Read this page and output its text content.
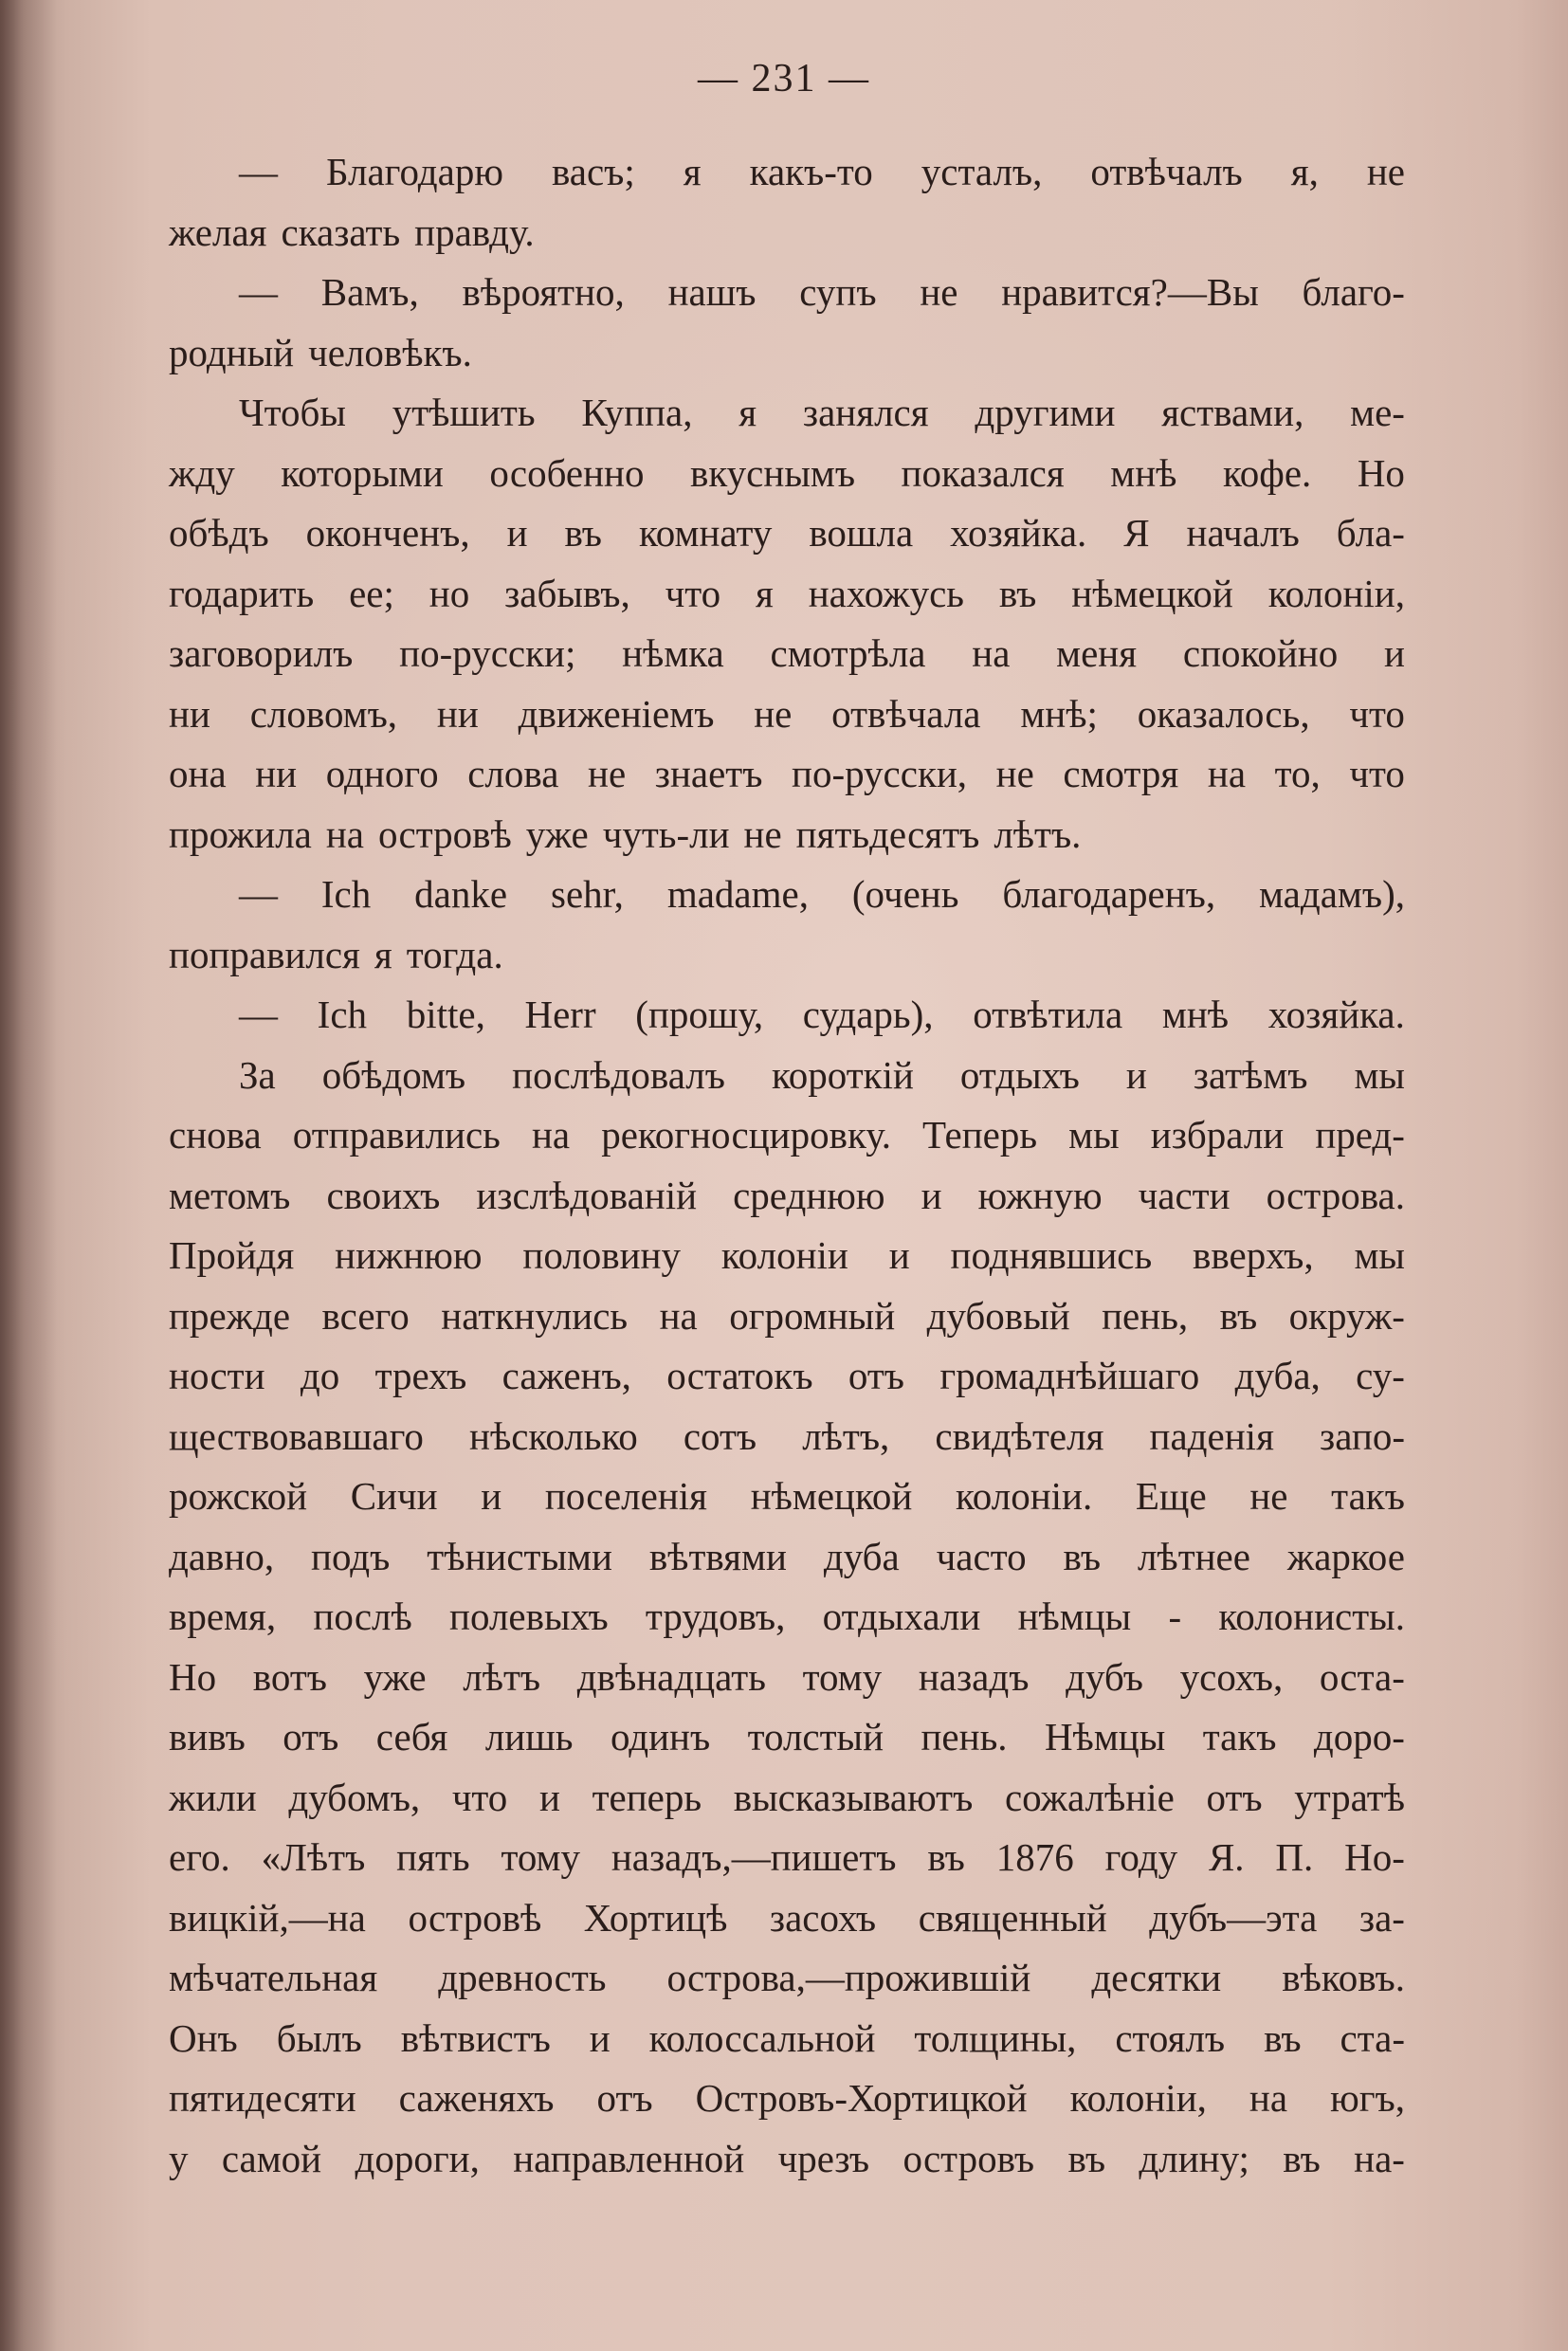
— 231 —
— Благодарю васъ; я какъ-то усталъ, отвѣчалъ я, не
желая сказать правду.
— Вамъ, вѣроятно, нашъ супъ не нравится?—Вы благо-
родный человѣкъ.
Чтобы утѣшить Куппа, я занялся другими яствами, ме-
жду которыми особенно вкуснымъ показался мнѣ кофе. Но
обѣдъ оконченъ, и въ комнату вошла хозяйка. Я началъ бла-
годарить ее; но забывъ, что я нахожусь въ нѣмецкой колоніи,
заговорилъ по-русски; нѣмка смотрѣла на меня спокойно и
ни словомъ, ни движеніемъ не отвѣчала мнѣ; оказалось, что
она ни одного слова не знаетъ по-русски, не смотря на то, что
прожила на островѣ уже чуть-ли не пятьдесятъ лѣтъ.
— Ich danke sehr, madame, (очень благодаренъ, мадамъ),
поправился я тогда.
— Ich bitte, Herr (прошу, сударь), отвѣтила мнѣ хозяйка.
За обѣдомъ послѣдовалъ короткій отдыхъ и затѣмъ мы
снова отправились на рекогносцировку. Теперь мы избрали пред-
метомъ своихъ изслѣдованій среднюю и южную части острова.
Пройдя нижнюю половину колоніи и поднявшись вверхъ, мы
прежде всего наткнулись на огромный дубовый пень, въ окруж-
ности до трехъ саженъ, остатокъ отъ громаднѣйшаго дуба, су-
ществовавшаго нѣсколько сотъ лѣтъ, свидѣтеля паденія запо-
рожской Сичи и поселенія нѣмецкой колоніи. Еще не такъ
давно, подъ тѣнистыми вѣтвями дуба часто въ лѣтнее жаркое
время, послѣ полевыхъ трудовъ, отдыхали нѣмцы - колонисты.
Но вотъ уже лѣтъ двѣнадцать тому назадъ дубъ усохъ, оста-
вивъ отъ себя лишь одинъ толстый пень. Нѣмцы такъ доро-
жили дубомъ, что и теперь высказываютъ сожалѣніе отъ утратѣ
его. «Лѣтъ пять тому назадъ,—пишетъ въ 1876 году Я. П. Но-
вицкій,—на островѣ Хортицѣ засохъ священный дубъ—эта за-
мѣчательная древность острова,—прожившій десятки вѣковъ.
Онъ былъ вѣтвистъ и колоссальной толщины, стоялъ въ ста-
пятидесяти саженяхъ отъ Островъ-Хортицкой колоніи, на югъ,
у самой дороги, направленной чрезъ островъ въ длину; въ на-
